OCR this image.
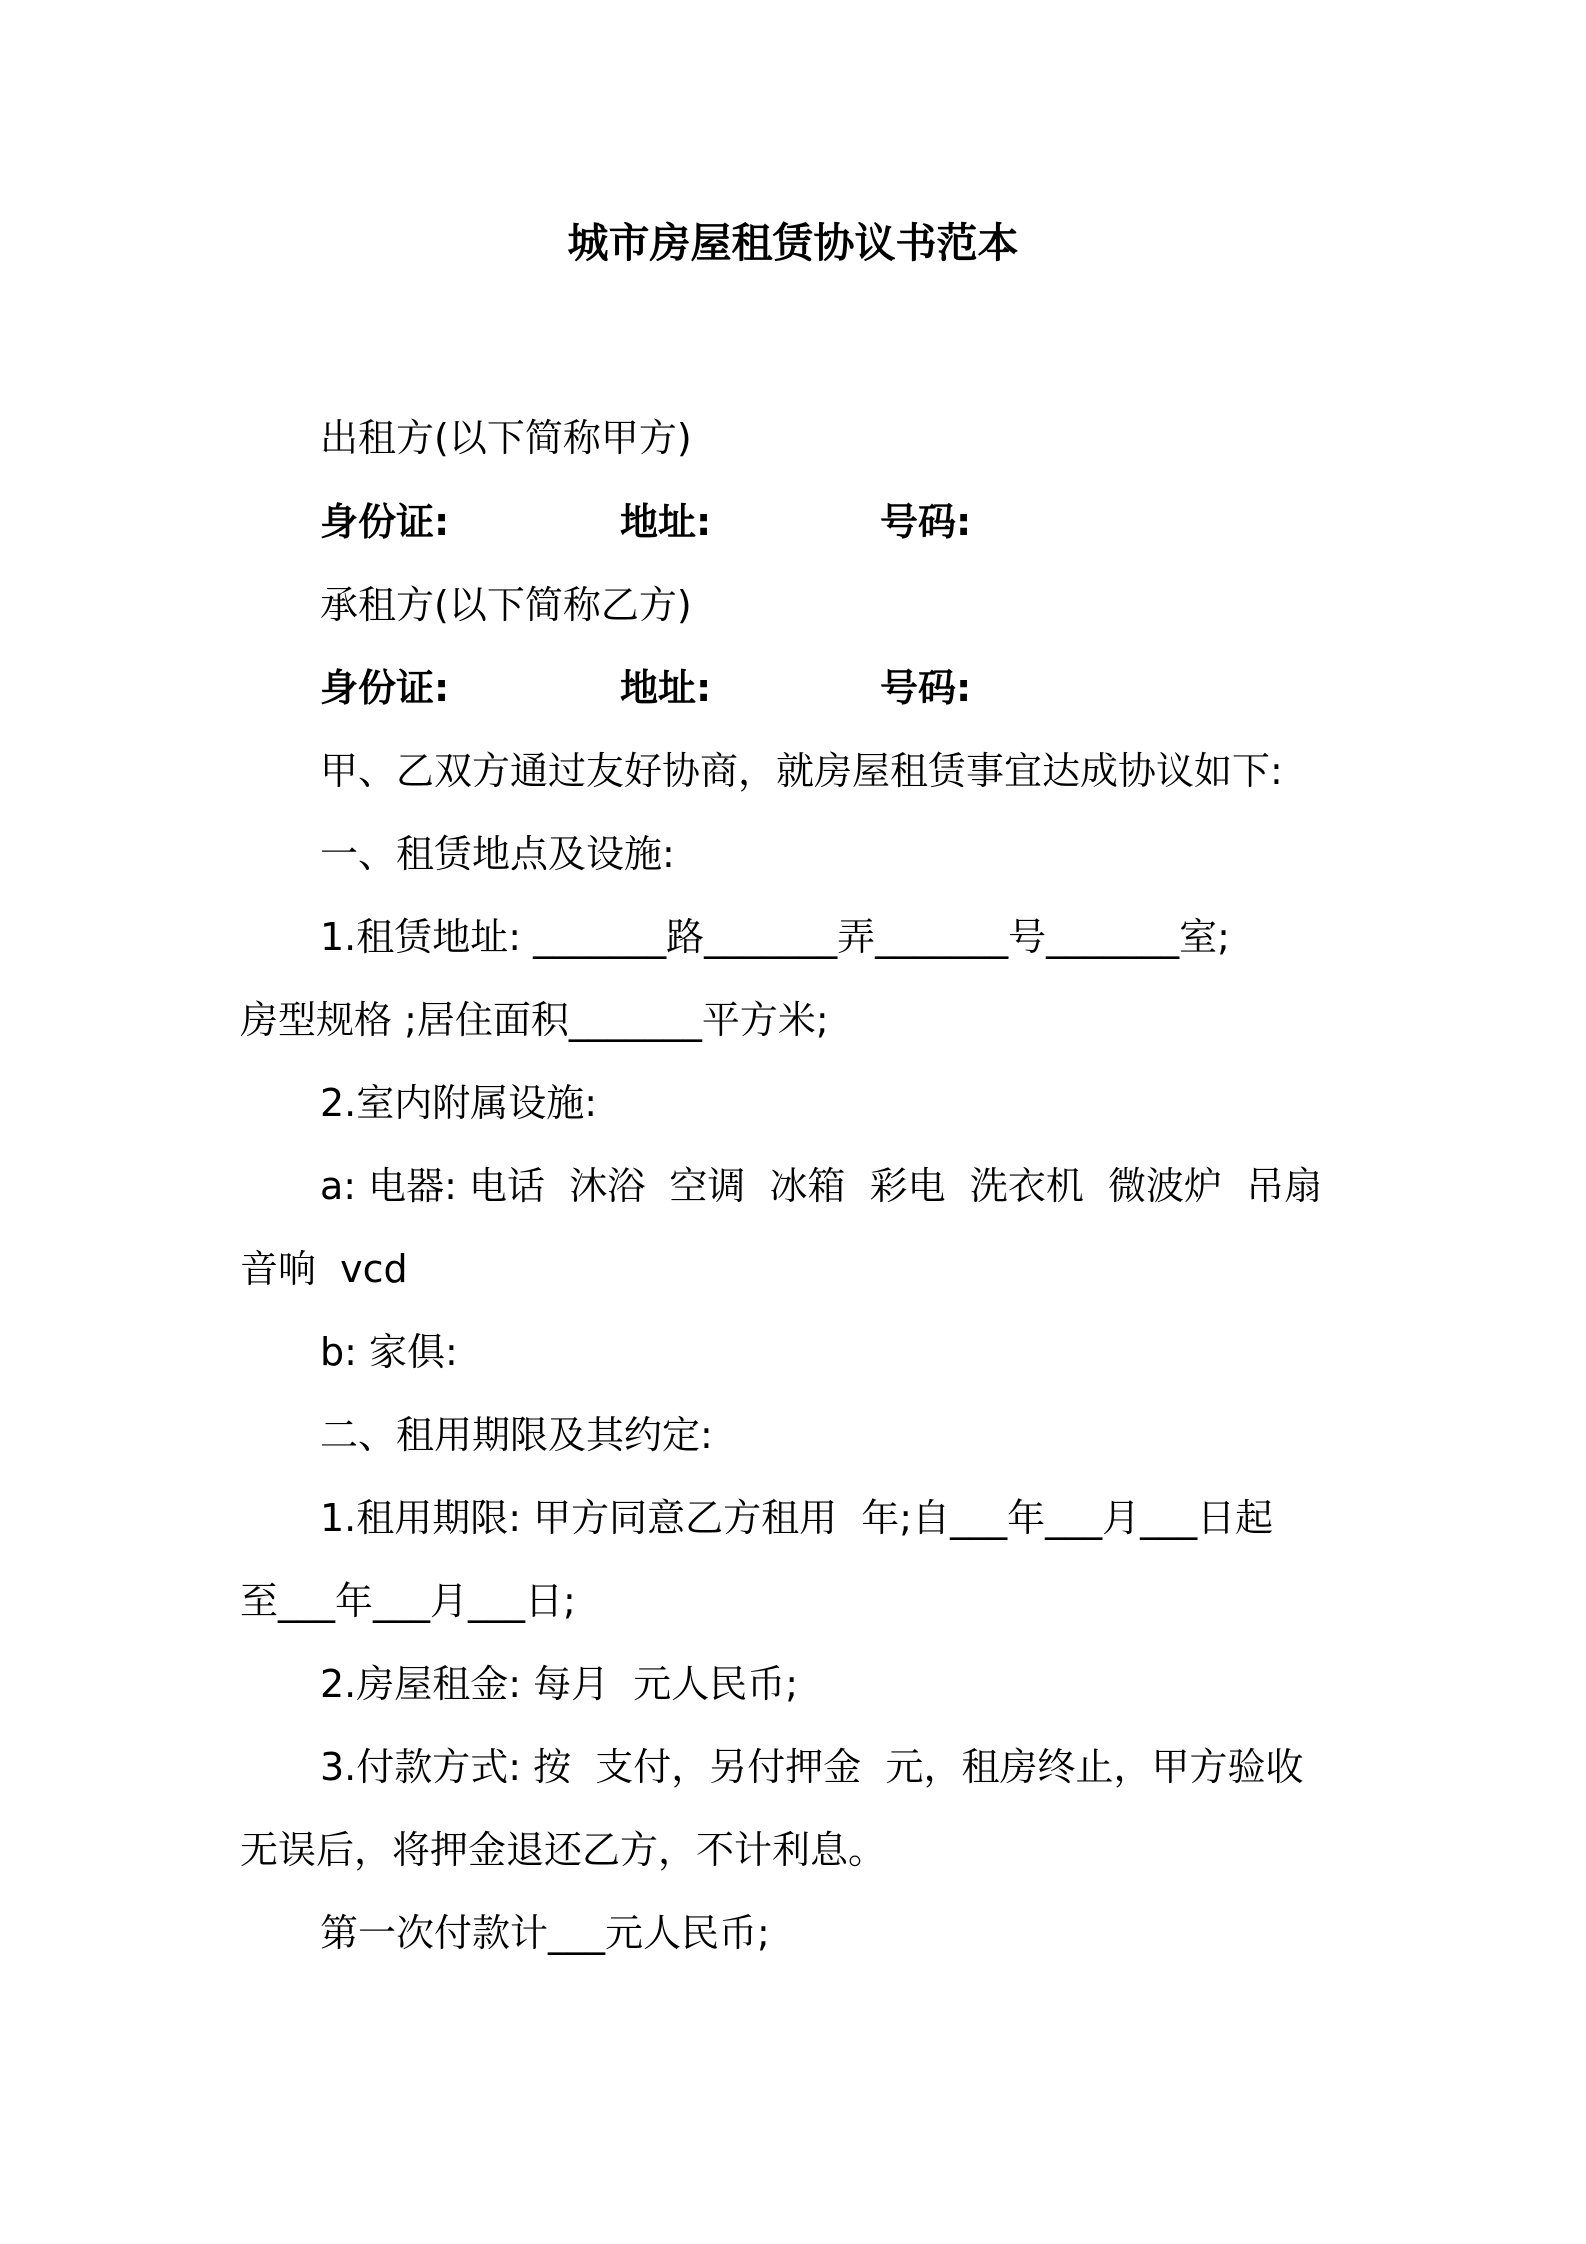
城市房屋租赁协议书范本
出租方(以下简称甲方)
身份证:	地址:	号码:
承租方(以下简称乙方)
身份证:	地址:	号码:
甲、乙双方通过友好协商，就房屋租赁事宜达成协议如下:
一、租赁地点及设施:
1.租赁地址: _______路_______弄_______号_______室;
房型规格 ;居住面积_______平方米;
2.室内附属设施:
a: 电器: 电话  沐浴  空调  冰箱  彩电  洗衣机  微波炉  吊扇
音响  vcd
b: 家俱:
二、租用期限及其约定:
1.租用期限: 甲方同意乙方租用  年;自___年___月___日起
至___年___月___日;
2.房屋租金: 每月  元人民币;
3.付款方式: 按  支付，另付押金  元，租房终止，甲方验收
无误后，将押金退还乙方，不计利息。
第一次付款计___元人民币;
